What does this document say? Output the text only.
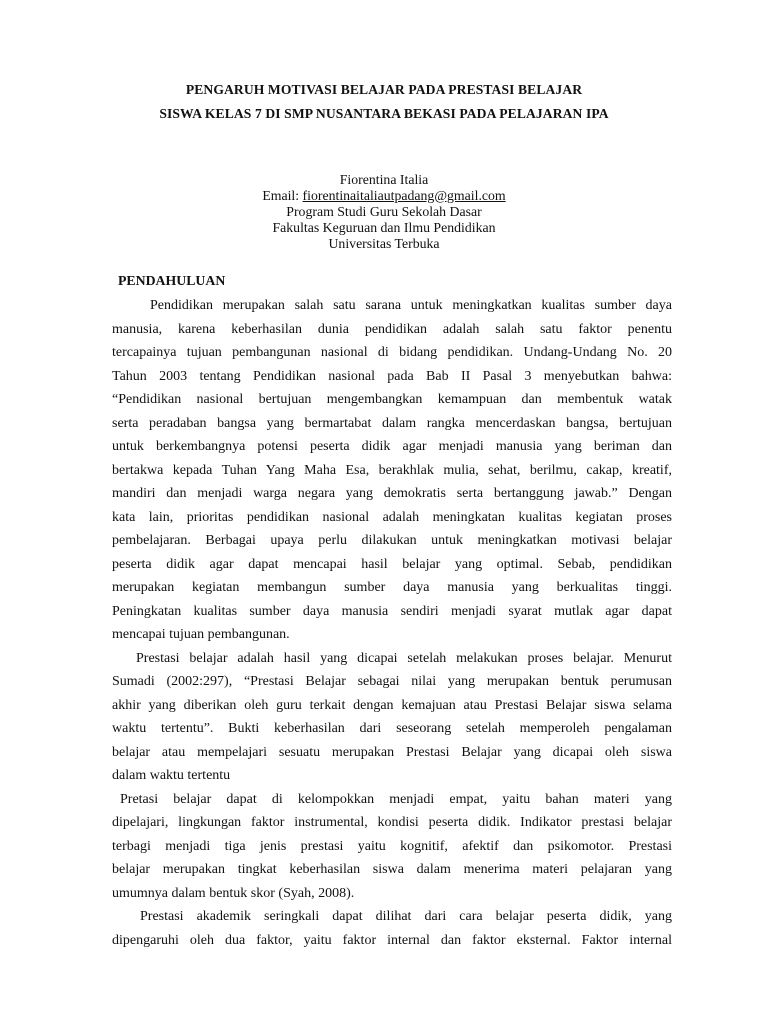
PENGARUH MOTIVASI BELAJAR PADA PRESTASI BELAJAR
SISWA KELAS 7 DI SMP NUSANTARA BEKASI PADA PELAJARAN IPA
Fiorentina Italia
Email: fiorentinaitaliautpadang@gmail.com
Program Studi Guru Sekolah Dasar
Fakultas Keguruan dan Ilmu Pendidikan
Universitas Terbuka
PENDAHULUAN
Pendidikan merupakan salah satu sarana untuk meningkatkan kualitas sumber daya
manusia, karena keberhasilan dunia pendidikan adalah salah satu faktor penentu
tercapainya tujuan pembangunan nasional di bidang pendidikan. Undang-Undang No. 20
Tahun 2003 tentang Pendidikan nasional pada Bab II Pasal 3 menyebutkan bahwa:
“Pendidikan nasional bertujuan mengembangkan kemampuan dan membentuk watak
serta peradaban bangsa yang bermartabat dalam rangka mencerdaskan bangsa, bertujuan
untuk berkembangnya potensi peserta didik agar menjadi manusia yang beriman dan
bertakwa kepada Tuhan Yang Maha Esa, berakhlak mulia, sehat, berilmu, cakap, kreatif,
mandiri dan menjadi warga negara yang demokratis serta bertanggung jawab.” Dengan
kata lain, prioritas pendidikan nasional adalah meningkatan kualitas kegiatan proses
pembelajaran. Berbagai upaya perlu dilakukan untuk meningkatkan motivasi belajar
peserta didik agar dapat mencapai hasil belajar yang optimal. Sebab, pendidikan
merupakan kegiatan membangun sumber daya manusia yang berkualitas tinggi.
Peningkatan kualitas sumber daya manusia sendiri menjadi syarat mutlak agar dapat
mencapai tujuan pembangunan.
Prestasi belajar adalah hasil yang dicapai setelah melakukan proses belajar. Menurut
Sumadi (2002:297), “Prestasi Belajar sebagai nilai yang merupakan bentuk perumusan
akhir yang diberikan oleh guru terkait dengan kemajuan atau Prestasi Belajar siswa selama
waktu tertentu”. Bukti keberhasilan dari seseorang setelah memperoleh pengalaman
belajar atau mempelajari sesuatu merupakan Prestasi Belajar yang dicapai oleh siswa
dalam waktu tertentu
Pretasi belajar dapat di kelompokkan menjadi empat, yaitu bahan materi yang
dipelajari, lingkungan faktor instrumental, kondisi peserta didik. Indikator prestasi belajar
terbagi menjadi tiga jenis prestasi yaitu kognitif, afektif dan psikomotor. Prestasi
belajar merupakan tingkat keberhasilan siswa dalam menerima materi pelajaran yang
umumnya dalam bentuk skor (Syah, 2008).
Prestasi akademik seringkali dapat dilihat dari cara belajar peserta didik, yang
dipengaruhi oleh dua faktor, yaitu faktor internal dan faktor eksternal. Faktor internal
